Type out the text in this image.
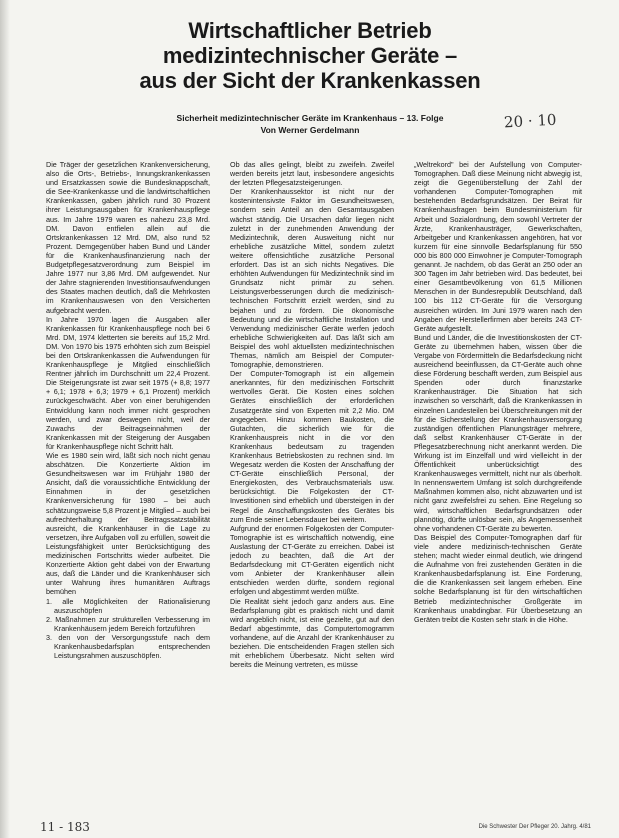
Wirtschaftlicher Betrieb
medizintechnischer Geräte –
aus der Sicht der Krankenkassen
Sicherheit medizintechnischer Geräte im Krankenhaus – 13. Folge
Von Werner Gerdelmann	20 · 10

Die Träger der gesetzlichen Krankenversicherung, also die Orts-, Betriebs-, Innungskrankenkassen und Ersatzkassen sowie die Bundesknappschaft, die See-Krankenkasse und die landwirtschaftlichen Krankenkassen, gaben jährlich rund 30 Prozent ihrer Leistungsausgaben für Krankenhauspflege aus. Im Jahre 1979 waren es nahezu 23,8 Mrd. DM. Davon entfielen allein auf die Ortskrankenkassen 12 Mrd. DM, also rund 52 Prozent. Demgegenüber haben Bund und Länder für die Krankenhausfinanzierung nach der Budgetpflegesatzverordnung zum Beispiel im Jahre 1977 nur 3,86 Mrd. DM aufgewendet. Nur der Jahre stagnierenden Investitionsaufwendungen des Staates machen deutlich, daß die Mehrkosten im Krankenhauswesen von den Versicherten aufgebracht werden.

In Jahre 1970 lagen die Ausgaben aller Krankenkassen für Krankenhauspflege noch bei 6 Mrd. DM, 1974 kletterten sie bereits auf 15,2 Mrd. DM. Von 1970 bis 1975 erhöhten sich zum Beispiel bei den Ortskrankenkassen die Aufwendungen für Krankenhauspflege je Mitglied einschließlich Rentner jährlich im Durchschnitt um 22,4 Prozent. Die Steigerungsrate ist zwar seit 1975 (+ 8,8; 1977 + 6,1; 1978 + 6,3; 1979 + 6,1 Prozent) merklich zurückgeschwächt. Aber von einer beruhigenden Entwicklung kann noch immer nicht gesprochen werden, und zwar deswegen nicht, weil der Zuwachs der Beitragseinnahmen der Krankenkassen mit der Steigerung der Ausgaben für Krankenhauspflege nicht Schritt hält.

Wie es 1980 sein wird, läßt sich noch nicht genau abschätzen. Die Konzertierte Aktion im Gesundheitswesen war im Frühjahr 1980 der Ansicht, daß die voraussichtliche Entwicklung der Einnahmen in der gesetzlichen Krankenversicherung für 1980 – bei auch schätzungsweise 5,8 Prozent je Mitglied – auch bei aufrechterhaltung der Beitragssatzstabilität ausreicht, die Krankenhäuser in die Lage zu versetzen, ihre Aufgaben voll zu erfüllen, soweit die Leistungsfähigkeit unter Berücksichtigung des medizinischen Fortschritts wieder aufbeitet. Die Konzertierte Aktion geht dabei von der Erwartung aus, daß die Länder und die Krankenhäuser sich unter Wahrung ihres humanitären Auftrags bemühen

1. alle Möglichkeiten der Rationalisierung auszuschöpfen

2. Maßnahmen zur strukturellen Verbesserung im Krankenhäusern jedem Bereich fortzuführen

3. den von der Versorgungsstufe nach dem Krankenhausbedarfsplan entsprechenden Leistungsrahmen auszuschöpfen.

Ob das alles gelingt, bleibt zu zweifeln. Zweifel werden bereits jetzt laut, insbesondere angesichts der letzten Pflegesatzsteigerungen.

Der Krankenhaussektor ist nicht nur der kostenintensivste Faktor im Gesundheitswesen, sondern sein Anteil an den Gesamtausgaben wächst ständig. Die Ursachen dafür liegen nicht zuletzt in der zunehmenden Anwendung der Medizintechnik, deren Ausweitung nicht nur erhebliche zusätzliche Mittel, sondern zuletzt weitere offensichtliche zusätzliche Personal erfordert. Das ist an sich nichts Negatives. Die erhöhten Aufwendungen für Medizintechnik sind im Grundsatz nicht primär zu sehen. Leistungsverbesserungen durch die medizinisch-technischen Fortschritt erzielt werden, sind zu bejahen und zu fördern. Die ökonomische Bedeutung und die wirtschaftliche Installation und Verwendung medizinischer Geräte werfen jedoch erhebliche Schwierigkeiten auf. Das läßt sich am Beispiel des wohl aktuellsten medizintechnischen Themas, nämlich am Beispiel der Computer-Tomographie, demonstrieren.

Der Computer-Tomograph ist ein allgemein anerkanntes, für den medizinischen Fortschritt wertvolles Gerät. Die Kosten eines solchen Gerätes einschließlich der erforderlichen Zusatzgeräte sind von Experten mit 2,2 Mio. DM angegeben. Hinzu kommen Baukosten, die Gutachten, die sicherlich wie für die Krankenhauspreis nicht in die vor den Krankenhaus bedeutsam zu tragenden Krankenhaus Betriebskosten zu rechnen sind. Im Wegesatz werden die Kosten der Anschaffung der CT-Geräte einschließlich Personal, der Energiekosten, des Verbrauchsmaterials usw. berücksichtigt. Die Folgekosten der CT-Investitionen sind erheblich und übersteigen in der Regel die Anschaffungskosten des Gerätes bis zum Ende seiner Lebensdauer bei weitem.

Aufgrund der enormen Folgekosten der Computer-Tomographie ist es wirtschaftlich notwendig, eine Auslastung der CT-Geräte zu erreichen. Dabei ist jedoch zu beachten, daß die Art der Bedarfsdeckung mit CT-Geräten eigentlich nicht vom Anbieter der Krankenhäuser allein entschieden werden dürfte, sondern regional erfolgen und abgestimmt werden müßte.

Die Realität sieht jedoch ganz anders aus. Eine Bedarfsplanung gibt es praktisch nicht und damit wird angeblich nicht, ist eine gezielte, gut auf den Bedarf abgestimmte, das Computertomogramm vorhandene, auf die Anzahl der Krankenhäuser zu beziehen. Die entscheidenden Fragen stellen sich mit erheblichem Überbesatz. Nicht selten wird bereits die Meinung vertreten, es müsse

„Weltrekord" bei der Aufstellung von Computer-Tomographen. Daß diese Meinung nicht abwegig ist, zeigt die Gegenüberstellung der Zahl der vorhandenen Computer-Tomographen mit bestehenden Bedarfsgrundsätzen. Der Beirat für Krankenhausfragen beim Bundesministerium für Arbeit und Sozialordnung, dem sowohl Vertreter der Ärzte, Krankenhausträger, Gewerkschaften, Arbeitgeber und Krankenkassen angehören, hat vor kurzem für eine sinnvolle Bedarfsplanung für 550 000 bis 800 000 Einwohner je Computer-Tomograph genannt. Je nachdem, ob das Gerät an 250 oder an 300 Tagen im Jahr betrieben wird. Das bedeutet, bei einer Gesamtbevölkerung von 61,5 Millionen Menschen in der Bundesrepublik Deutschland, daß 100 bis 112 CT-Geräte für die Versorgung ausreichen würden. Im Juni 1979 waren nach den Angaben der Herstellerfirmen aber bereits 243 CT-Geräte aufgestellt.

Bund und Länder, die die Investitionskosten der CT-Geräte zu übernehmen haben, wissen über die Vergabe von Fördermitteln die Bedarfsdeckung nicht ausreichend beeinflussen, da CT-Geräte auch ohne diese Förderung beschafft werden, zum Beispiel aus Spenden oder durch finanzstarke Krankenhausträger. Die Situation hat sich inzwischen so verschärft, daß die Krankenkassen in einzelnen Landesteilen bei Überschreitungen mit der für die Sicherstellung der Krankenhausversorgung zuständigen öffentlichen Planungsträger mehrere, daß selbst Krankenhäuser CT-Geräte in der Pflegesatzberechnung nicht anerkannt werden. Die Wirkung ist im Einzelfall und wird vielleicht in der Öffentlichkeit unberücksichtigt des Krankenhausweges vermittelt, nicht nur als überholt. In nennenswertem Umfang ist solch durchgreifende Maßnahmen kommen also, nicht abzuwarten und ist nicht ganz zweifelsfrei zu sehen. Eine Regelung so wird, wirtschaftlichen Bedarfsgrundsätzen oder plannötig, dürfte unlösbar sein, als Angemessenheit ohne vorhandenen CT-Geräte zu bewerten.

Das Beispiel des Computer-Tomographen darf für viele andere medizinisch-technischen Geräte stehen; macht wieder einmal deutlich, wie dringend die Aufnahme von frei zustehenden Geräten in die Krankenhausbedarfsplanung ist. Eine Forderung, die die Krankenkassen seit langem erheben. Eine solche Bedarfsplanung ist für den wirtschaftlichen Betrieb medizintechnischer Großgeräte im Krankenhaus unabdingbar. Für Überbesetzung an Geräten treibt die Kosten sehr stark in die Höhe.

11 - 183	Die Schwester Der Pfleger 20. Jahrg. 4/81
